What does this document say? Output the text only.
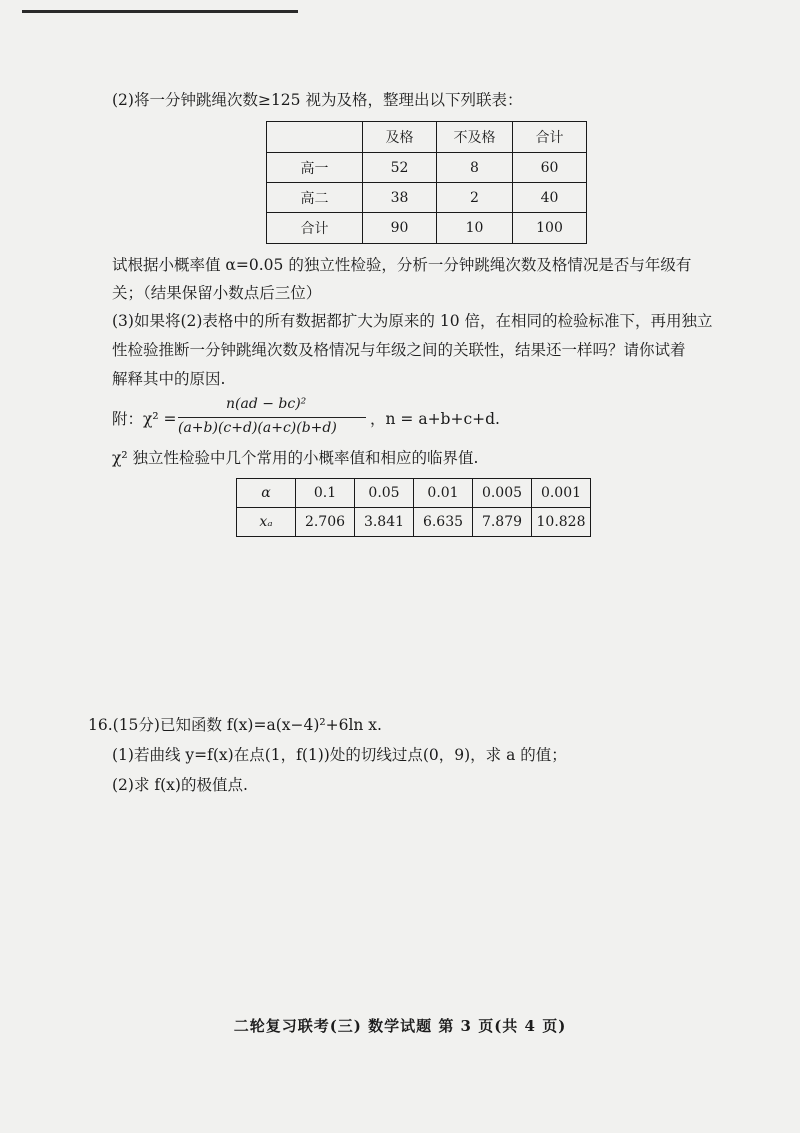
(2)将一分钟跳绳次数≥125 视为及格，整理出以下列联表：
	及格	不及格	合计
高一	52	8	60
高二	38	2	40
合计	90	10	100
试根据小概率值 α=0.05 的独立性检验，分析一分钟跳绳次数及格情况是否与年级有
关；（结果保留小数点后三位）
(3)如果将(2)表格中的所有数据都扩大为原来的 10 倍，在相同的检验标准下，再用独立
性检验推断一分钟跳绳次数及格情况与年级之间的关联性，结果还一样吗？请你试着
解释其中的原因.
附：χ² =
n(ad − bc)²
(a+b)(c+d)(a+c)(b+d) ，n = a+b+c+d.
χ² 独立性检验中几个常用的小概率值和相应的临界值.
α	0.1	0.05	0.01	0.005	0.001
xₐ	2.706	3.841	6.635	7.879	10.828
16.(15分)已知函数 f(x)=a(x−4)²+6ln x.
(1)若曲线 y=f(x)在点(1，f(1))处的切线过点(0，9)，求 a 的值；
(2)求 f(x)的极值点.
二轮复习联考(三) 数学试题 第 3 页(共 4 页)
